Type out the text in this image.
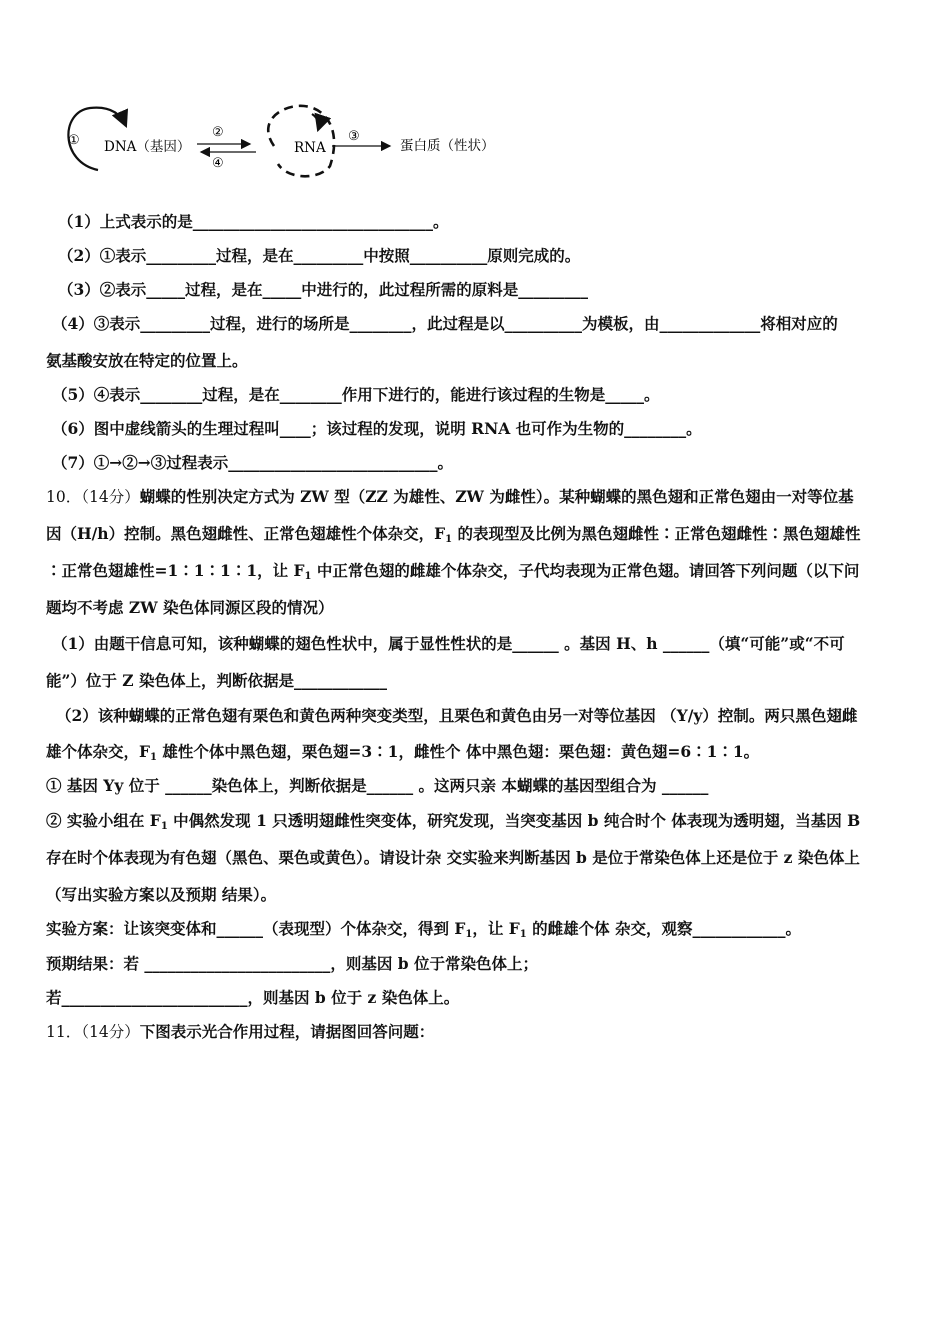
① DNA（基因）
②
④
RNA
③
蛋白质（性状）
（1）上式表示的是_______________________________。
（2）①表示_________过程，是在_________中按照__________原则完成的。
（3）②表示_____过程，是在_____中进行的，此过程所需的原料是_________
（4）③表示_________过程，进行的场所是________，此过程是以__________为模板，由_____________将相对应的
氨基酸安放在特定的位置上。
（5）④表示________过程，是在________作用下进行的，能进行该过程的生物是_____。
（6）图中虚线箭头的生理过程叫____；该过程的发现，说明 RNA 也可作为生物的________。
（7）①→②→③过程表示___________________________。
10．（14分）蝴蝶的性别决定方式为 ZW 型（ZZ 为雄性、ZW 为雌性）。某种蝴蝶的黑色翅和正常色翅由一对等位基
因（H/h）控制。黑色翅雌性、正常色翅雄性个体杂交，$F_1$ 的表现型及比例为黑色翅雌性∶正常色翅雌性∶黑色翅雄性
∶正常色翅雄性=1∶1∶1∶1，让 $F_1$ 中正常色翅的雌雄个体杂交，子代均表现为正常色翅。请回答下列问题（以下问
题均不考虑 ZW 染色体同源区段的情况）
（1）由题干信息可知，该种蝴蝶的翅色性状中，属于显性性状的是______ 。基因 H、h ______（填“可能”或“不可
能”）位于 Z 染色体上，判断依据是____________
（2）该种蝴蝶的正常色翅有栗色和黄色两种突变类型，且栗色和黄色由另一对等位基因 （Y/y）控制。两只黑色翅雌
雄个体杂交，$F_1$ 雄性个体中黑色翅，栗色翅=3∶1，雌性个 体中黑色翅：栗色翅：黄色翅=6∶1∶1。
① 基因 Yy 位于 ______染色体上，判断依据是______ 。这两只亲 本蝴蝶的基因型组合为 ______
② 实验小组在 $F_1$ 中偶然发现 1 只透明翅雌性突变体，研究发现，当突变基因 b 纯合时个 体表现为透明翅，当基因 B
存在时个体表现为有色翅（黑色、栗色或黄色）。请设计杂 交实验来判断基因 b 是位于常染色体上还是位于 z 染色体上
（写出实验方案以及预期 结果）。
实验方案：让该突变体和______（表现型）个体杂交，得到 $F_1$，让 $F_1$ 的雌雄个体 杂交，观察____________。
预期结果：若 ________________________，则基因 b 位于常染色体上；
若________________________，则基因 b 位于 z 染色体上。
11．（14分）下图表示光合作用过程，请据图回答问题：
